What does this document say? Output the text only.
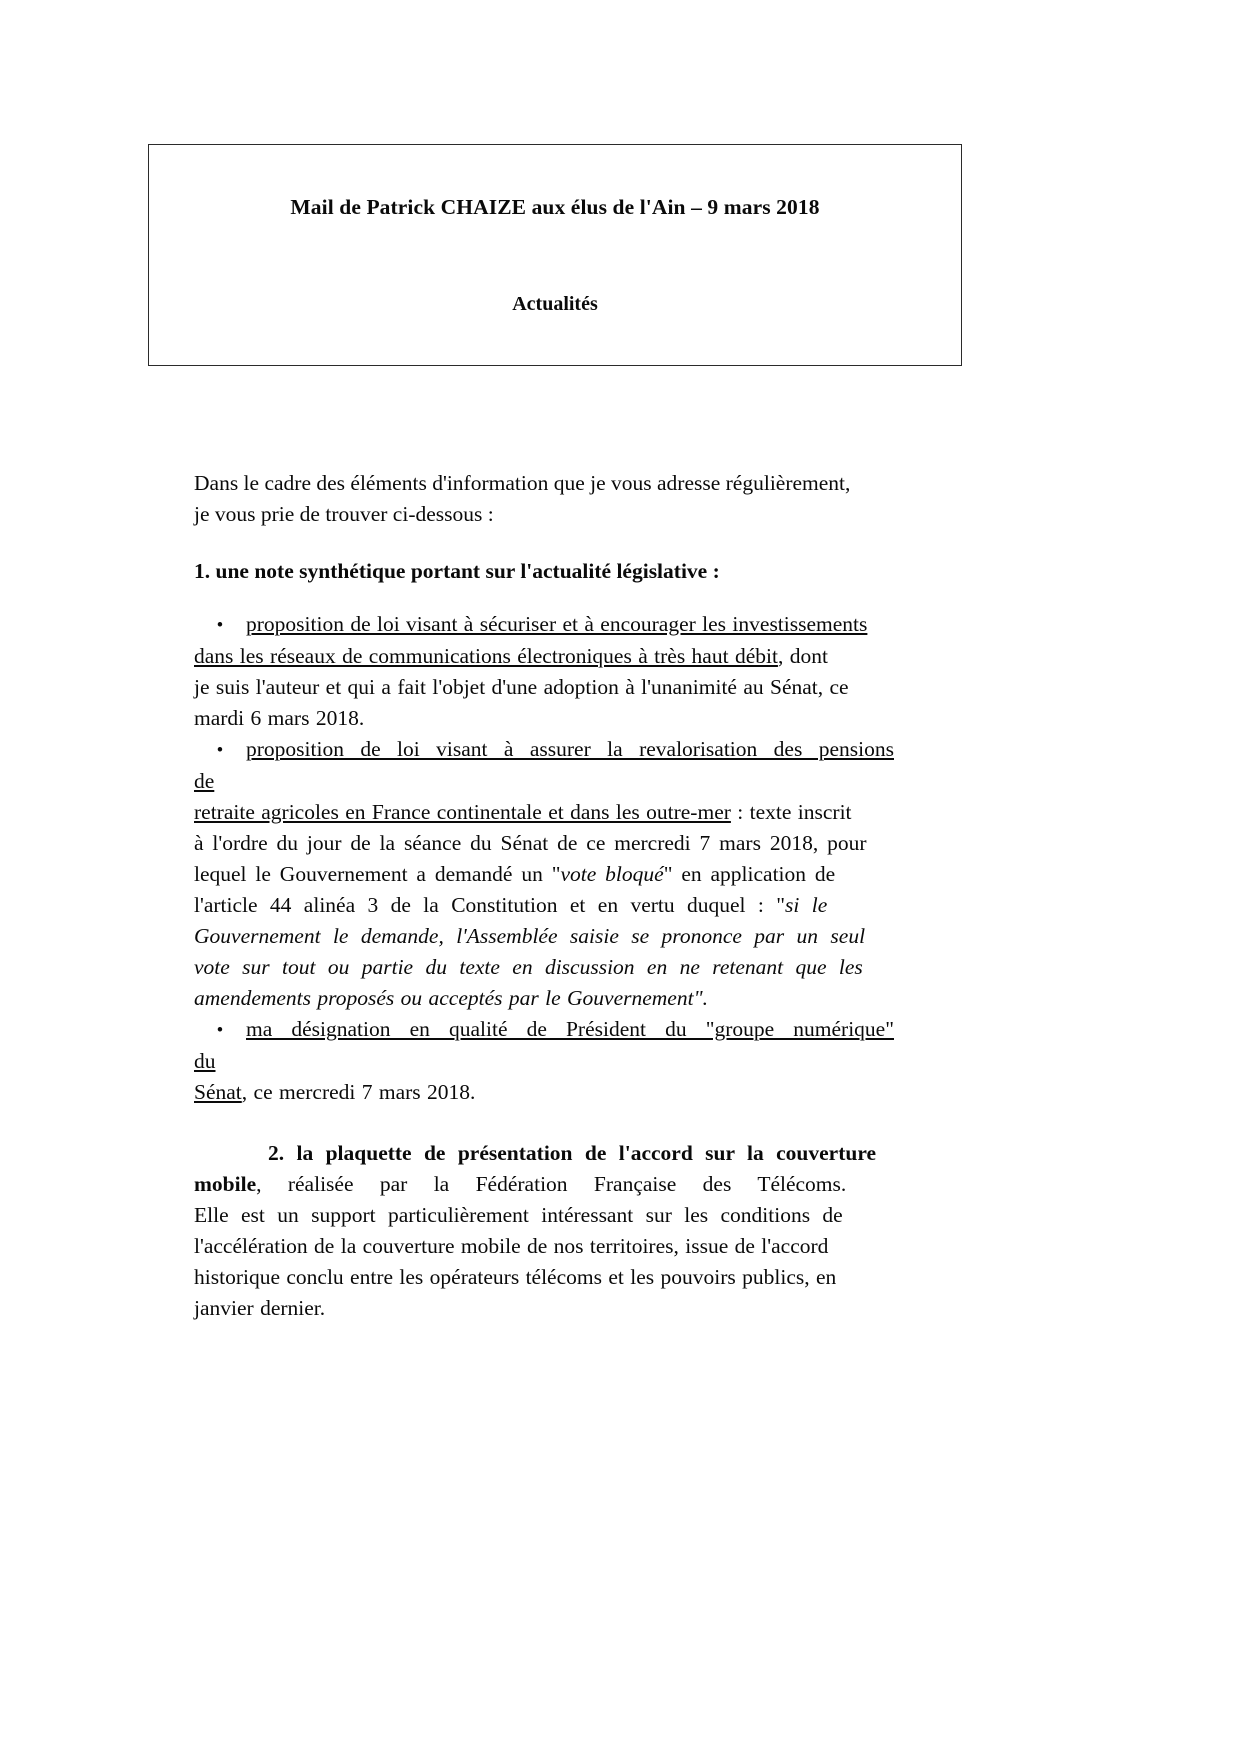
Mail de Patrick CHAIZE aux élus de l'Ain – 9 mars 2018
Actualités
Dans le cadre des éléments d'information que je vous adresse régulièrement,
je vous prie de trouver ci-dessous :
1. une note synthétique portant sur l'actualité législative :
• proposition de loi visant à sécuriser et à encourager les investissements
dans les réseaux de communications électroniques à très haut débit, dont
je suis l'auteur et qui a fait l'objet d'une adoption à l'unanimité au Sénat, ce
mardi 6 mars 2018.
• proposition de loi visant à assurer la revalorisation des pensions de
retraite agricoles en France continentale et dans les outre-mer : texte inscrit
à l'ordre du jour de la séance du Sénat de ce mercredi 7 mars 2018, pour
lequel le Gouvernement a demandé un "vote bloqué" en application de
l'article 44 alinéa 3 de la Constitution et en vertu duquel : "si le
Gouvernement le demande, l'Assemblée saisie se prononce par un seul
vote sur tout ou partie du texte en discussion en ne retenant que les
amendements proposés ou acceptés par le Gouvernement".
• ma désignation en qualité de Président du "groupe numérique" du
Sénat, ce mercredi 7 mars 2018.
2. la plaquette de présentation de l'accord sur la couverture
mobile, réalisée par la Fédération Française des Télécoms.
Elle est un support particulièrement intéressant sur les conditions de
l'accélération de la couverture mobile de nos territoires, issue de l'accord
historique conclu entre les opérateurs télécoms et les pouvoirs publics, en
janvier dernier.
